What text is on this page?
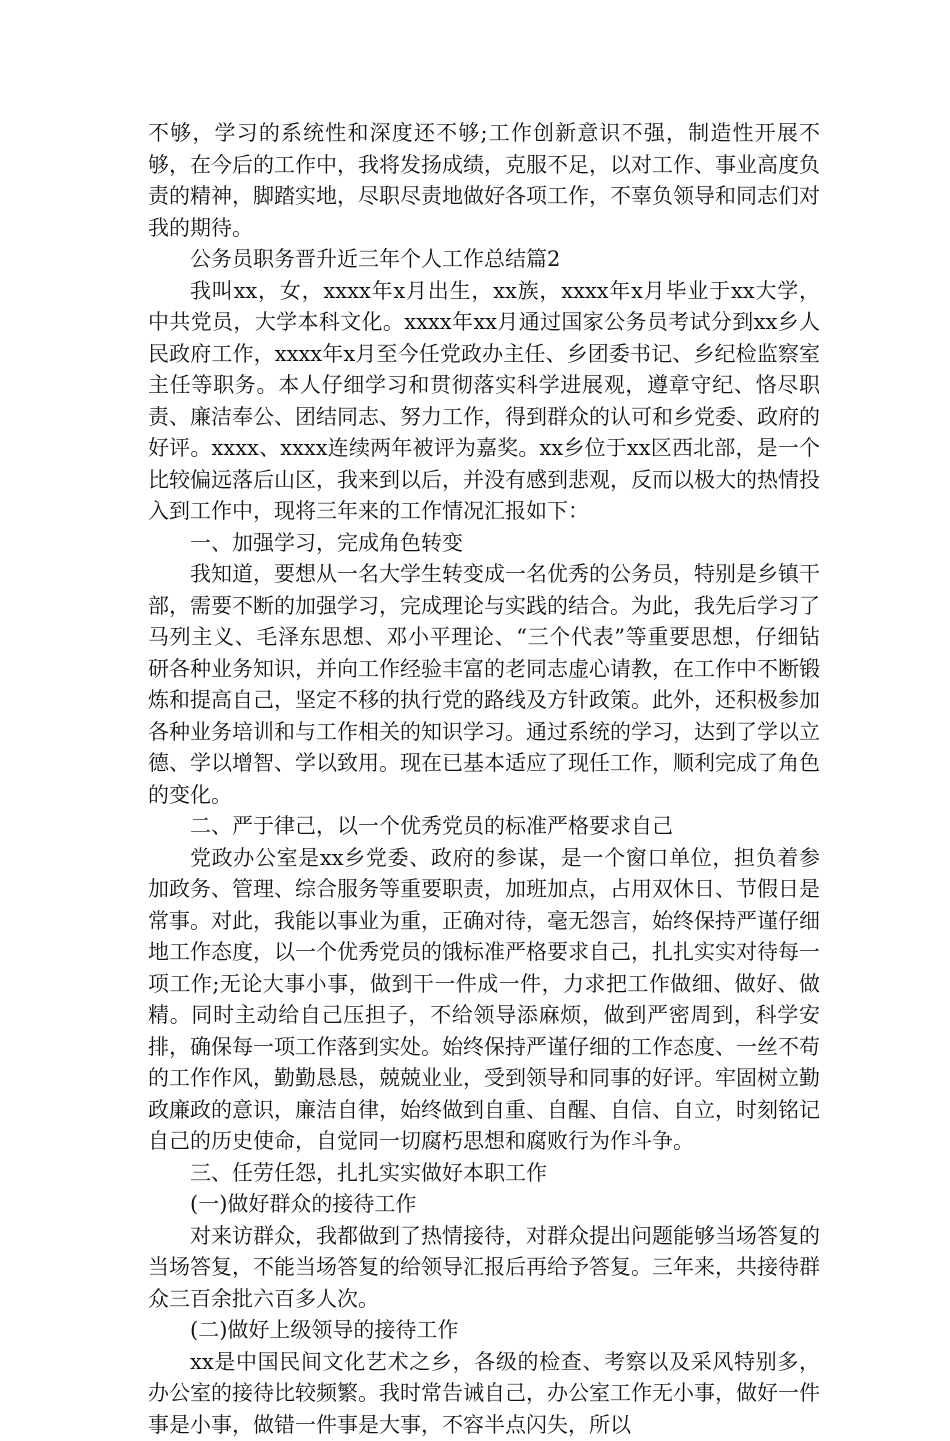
不够，学习的系统性和深度还不够;工作创新意识不强，制造性开展不够，在今后的工作中，我将发扬成绩，克服不足，以对工作、事业高度负责的精神，脚踏实地，尽职尽责地做好各项工作，不辜负领导和同志们对我的期待。

公务员职务晋升近三年个人工作总结篇2

我叫xx，女，xxxx年x月出生，xx族，xxxx年x月毕业于xx大学，中共党员，大学本科文化。xxxx年xx月通过国家公务员考试分到xx乡人民政府工作，xxxx年x月至今任党政办主任、乡团委书记、乡纪检监察室主任等职务。本人仔细学习和贯彻落实科学进展观，遵章守纪、恪尽职责、廉洁奉公、团结同志、努力工作，得到群众的认可和乡党委、政府的好评。xxxx、xxxx连续两年被评为嘉奖。xx乡位于xx区西北部，是一个比较偏远落后山区，我来到以后，并没有感到悲观，反而以极大的热情投入到工作中，现将三年来的工作情况汇报如下：

一、加强学习，完成角色转变

我知道，要想从一名大学生转变成一名优秀的公务员，特别是乡镇干部，需要不断的加强学习，完成理论与实践的结合。为此，我先后学习了马列主义、毛泽东思想、邓小平理论、“三个代表”等重要思想，仔细钻研各种业务知识，并向工作经验丰富的老同志虚心请教，在工作中不断锻炼和提高自己，坚定不移的执行党的路线及方针政策。此外，还积极参加各种业务培训和与工作相关的知识学习。通过系统的学习，达到了学以立德、学以增智、学以致用。现在已基本适应了现任工作，顺利完成了角色的变化。

二、严于律己，以一个优秀党员的标准严格要求自己

党政办公室是xx乡党委、政府的参谋，是一个窗口单位，担负着参加政务、管理、综合服务等重要职责，加班加点，占用双休日、节假日是常事。对此，我能以事业为重，正确对待，毫无怨言，始终保持严谨仔细地工作态度，以一个优秀党员的饿标准严格要求自己，扎扎实实对待每一项工作;无论大事小事，做到干一件成一件，力求把工作做细、做好、做精。同时主动给自己压担子，不给领导添麻烦，做到严密周到，科学安排，确保每一项工作落到实处。始终保持严谨仔细的工作态度、一丝不苟的工作作风，勤勤恳恳，兢兢业业，受到领导和同事的好评。牢固树立勤政廉政的意识，廉洁自律，始终做到自重、自醒、自信、自立，时刻铭记自己的历史使命，自觉同一切腐朽思想和腐败行为作斗争。

三、任劳任怨，扎扎实实做好本职工作

(一)做好群众的接待工作

对来访群众，我都做到了热情接待，对群众提出问题能够当场答复的当场答复，不能当场答复的给领导汇报后再给予答复。三年来，共接待群众三百余批六百多人次。

(二)做好上级领导的接待工作

xx是中国民间文化艺术之乡，各级的检查、考察以及采风特别多，办公室的接待比较频繁。我时常告诫自己，办公室工作无小事，做好一件事是小事，做错一件事是大事，不容半点闪失，所以
